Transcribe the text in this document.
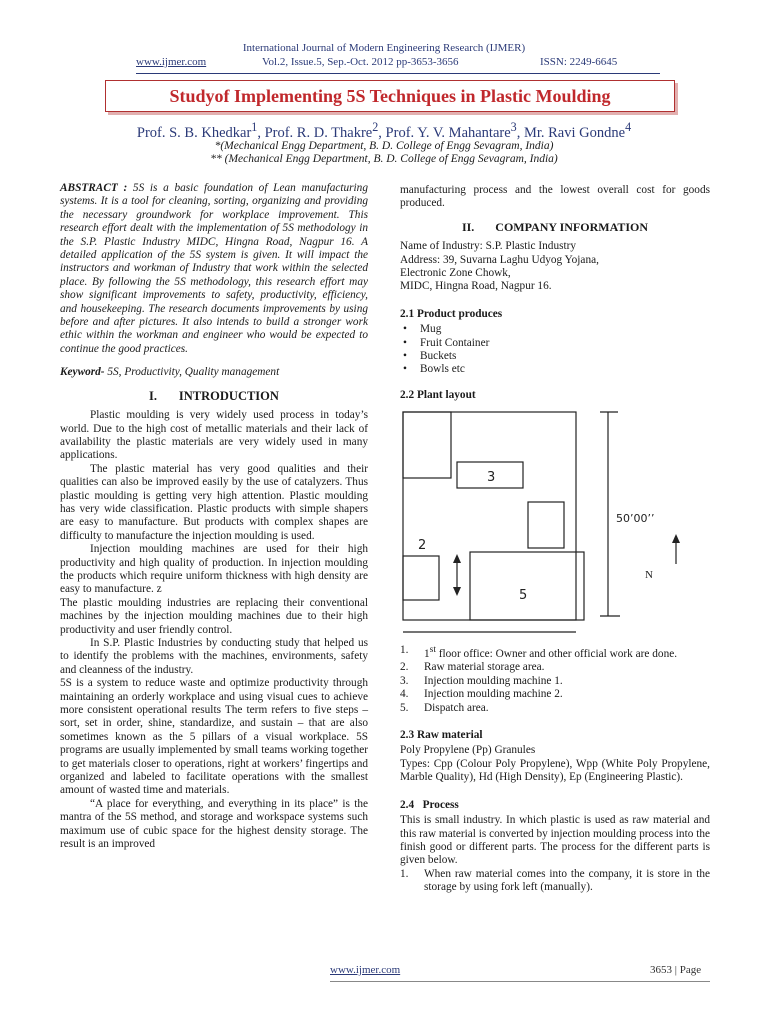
International Journal of Modern Engineering Research (IJMER)
www.ijmer.com	Vol.2, Issue.5, Sep.-Oct. 2012 pp-3653-3656	ISSN: 2249-6645
Studyof Implementing 5S Techniques in Plastic Moulding
Prof. S. B. Khedkar$^1$, Prof. R. D. Thakre$^2$, Prof. Y. V. Mahantare$^3$, Mr. Ravi Gondne$^4$
*(Mechanical Engg Department, B. D. College of Engg Sevagram, India)
** (Mechanical Engg Department, B. D. College of Engg Sevagram, India)

ABSTRACT : 5S is a basic foundation of Lean manufacturing systems. It is a tool for cleaning, sorting, organizing and providing the necessary groundwork for workplace improvement. This research effort dealt with the implementation of 5S methodology in the S.P. Plastic Industry MIDC, Hingna Road, Nagpur 16. A detailed application of the 5S system is given. It will impact the instructors and workman of Industry that work within the selected place. By following the 5S methodology, this research effort may show significant improvements to safety, productivity, efficiency, and housekeeping. The research documents improvements by using before and after pictures. It also intends to build a stronger work ethic within the workman and engineer who would be expected to continue the good practices.

Keyword- 5S, Productivity, Quality management

I.       INTRODUCTION

Plastic moulding is very widely used process in today’s world. Due to the high cost of metallic materials and their lack of availability the plastic materials are very widely used in many applications.

The plastic material has very good qualities and their qualities can also be improved easily by the use of catalyzers. Thus plastic moulding is getting very high attention. Plastic moulding has very wide classification. Plastic products with simple shapers are easy to manufacture. But products with complex shapes are difficulty to manufacture the injection moulding is used.

Injection moulding machines are used for their high productivity and high quality of production. In injection moulding the products which require uniform thickness with high density are easy to manufacture. z

The plastic moulding industries are replacing their conventional machines by the injection moulding machines due to their high productivity and user friendly control.

In S.P. Plastic Industries by conducting study that helped us to identify the problems with the machines, environments, safety and cleanness of the industry.

5S is a system to reduce waste and optimize productivity through maintaining an orderly workplace and using visual cues to achieve more consistent operational results The term refers to five steps – sort, set in order, shine, standardize, and sustain – that are also sometimes known as the 5 pillars of a visual workplace. 5S programs are usually implemented by small teams working together to get materials closer to operations, right at workers’ fingertips and organized and labeled to facilitate operations with the smallest amount of wasted time and materials.

“A place for everything, and everything in its place” is the mantra of the 5S method, and storage and workspace systems such maximum use of cubic space for the highest density storage. The result is an improved

manufacturing process and the lowest overall cost for goods produced.

II.       COMPANY INFORMATION
Name of Industry: S.P. Plastic Industry
Address: 39, Suvarna Laghu Udyog Yojana,
Electronic Zone Chowk,
MIDC, Hingna Road, Nagpur 16.
2.1 Product produces
• Mug
• Fruit Container
• Buckets
• Bowls etc
2.2 Plant layout
3
2
5
50’00’’
N
1. 1st floor office: Owner and other official work are done.
2. Raw material storage area.
3. Injection moulding machine 1.
4. Injection moulding machine 2.
5. Dispatch area.
2.3 Raw material
Poly Propylene (Pp) Granules

Types: Cpp (Colour Poly Propylene), Wpp (White Poly Propylene, Marble Quality), Hd (High Density), Ep (Engineering Plastic).

2.4   Process

This is small industry. In which plastic is used as raw material and this raw material is converted by injection moulding process into the finish good or different parts. The process for the different parts is given below.

1. When raw material comes into the company, it is store in the storage by using fork left (manually).
www.ijmer.com	3653 | Page
